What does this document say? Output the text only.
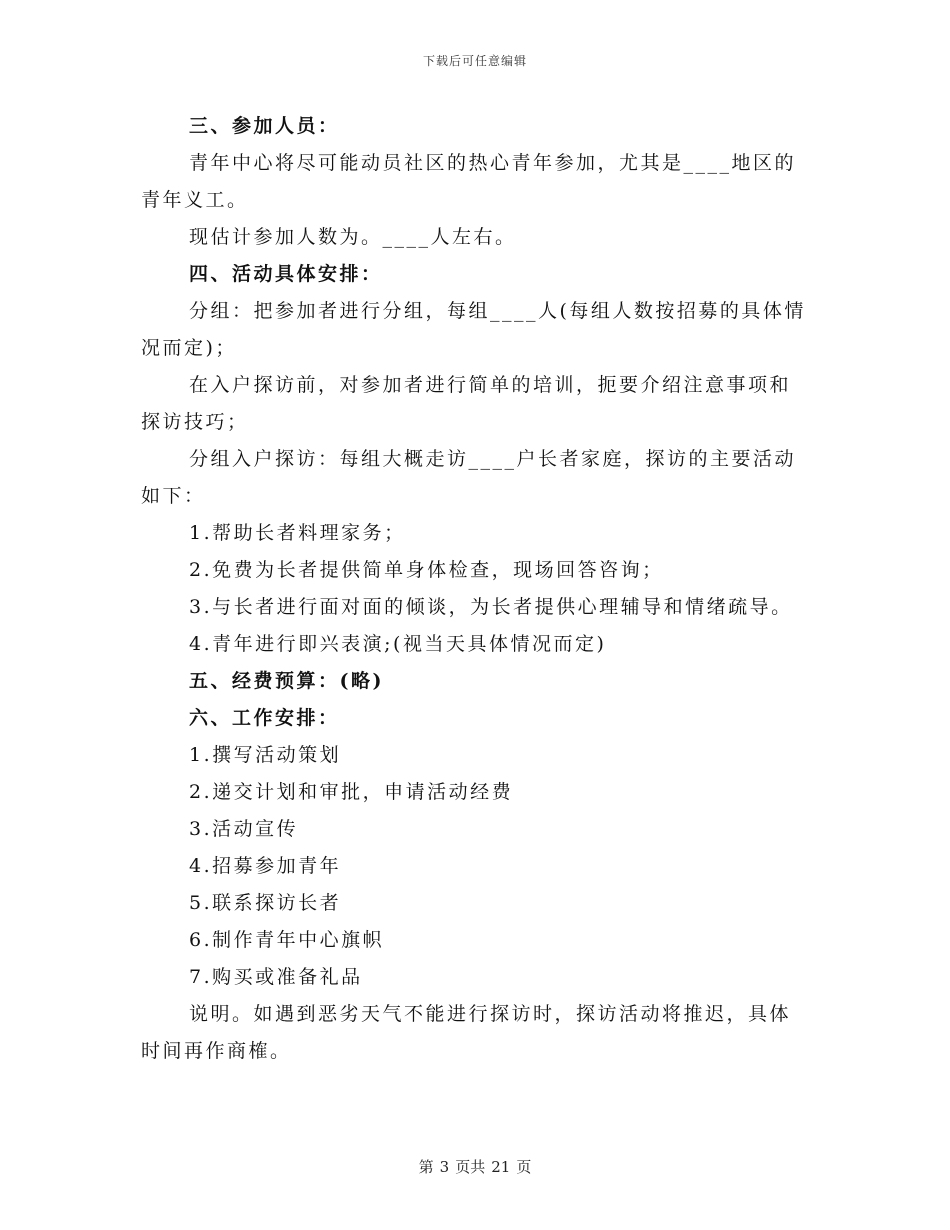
下载后可任意编辑

三、参加人员：

青年中心将尽可能动员社区的热心青年参加，尤其是____地区的青年义工。

现估计参加人数为。____人左右。

四、活动具体安排：

分组：把参加者进行分组，每组____人(每组人数按招募的具体情况而定)；

在入户探访前，对参加者进行简单的培训，扼要介绍注意事项和探访技巧；

分组入户探访：每组大概走访____户长者家庭，探访的主要活动如下：

1.帮助长者料理家务；

2.免费为长者提供简单身体检查，现场回答咨询；

3.与长者进行面对面的倾谈，为长者提供心理辅导和情绪疏导。

4.青年进行即兴表演;(视当天具体情况而定)

五、经费预算：(略)

六、工作安排：

1.撰写活动策划

2.递交计划和审批，申请活动经费

3.活动宣传

4.招募参加青年

5.联系探访长者

6.制作青年中心旗帜

7.购买或准备礼品

说明。如遇到恶劣天气不能进行探访时，探访活动将推迟，具体时间再作商榷。

第 3 页共 21 页
